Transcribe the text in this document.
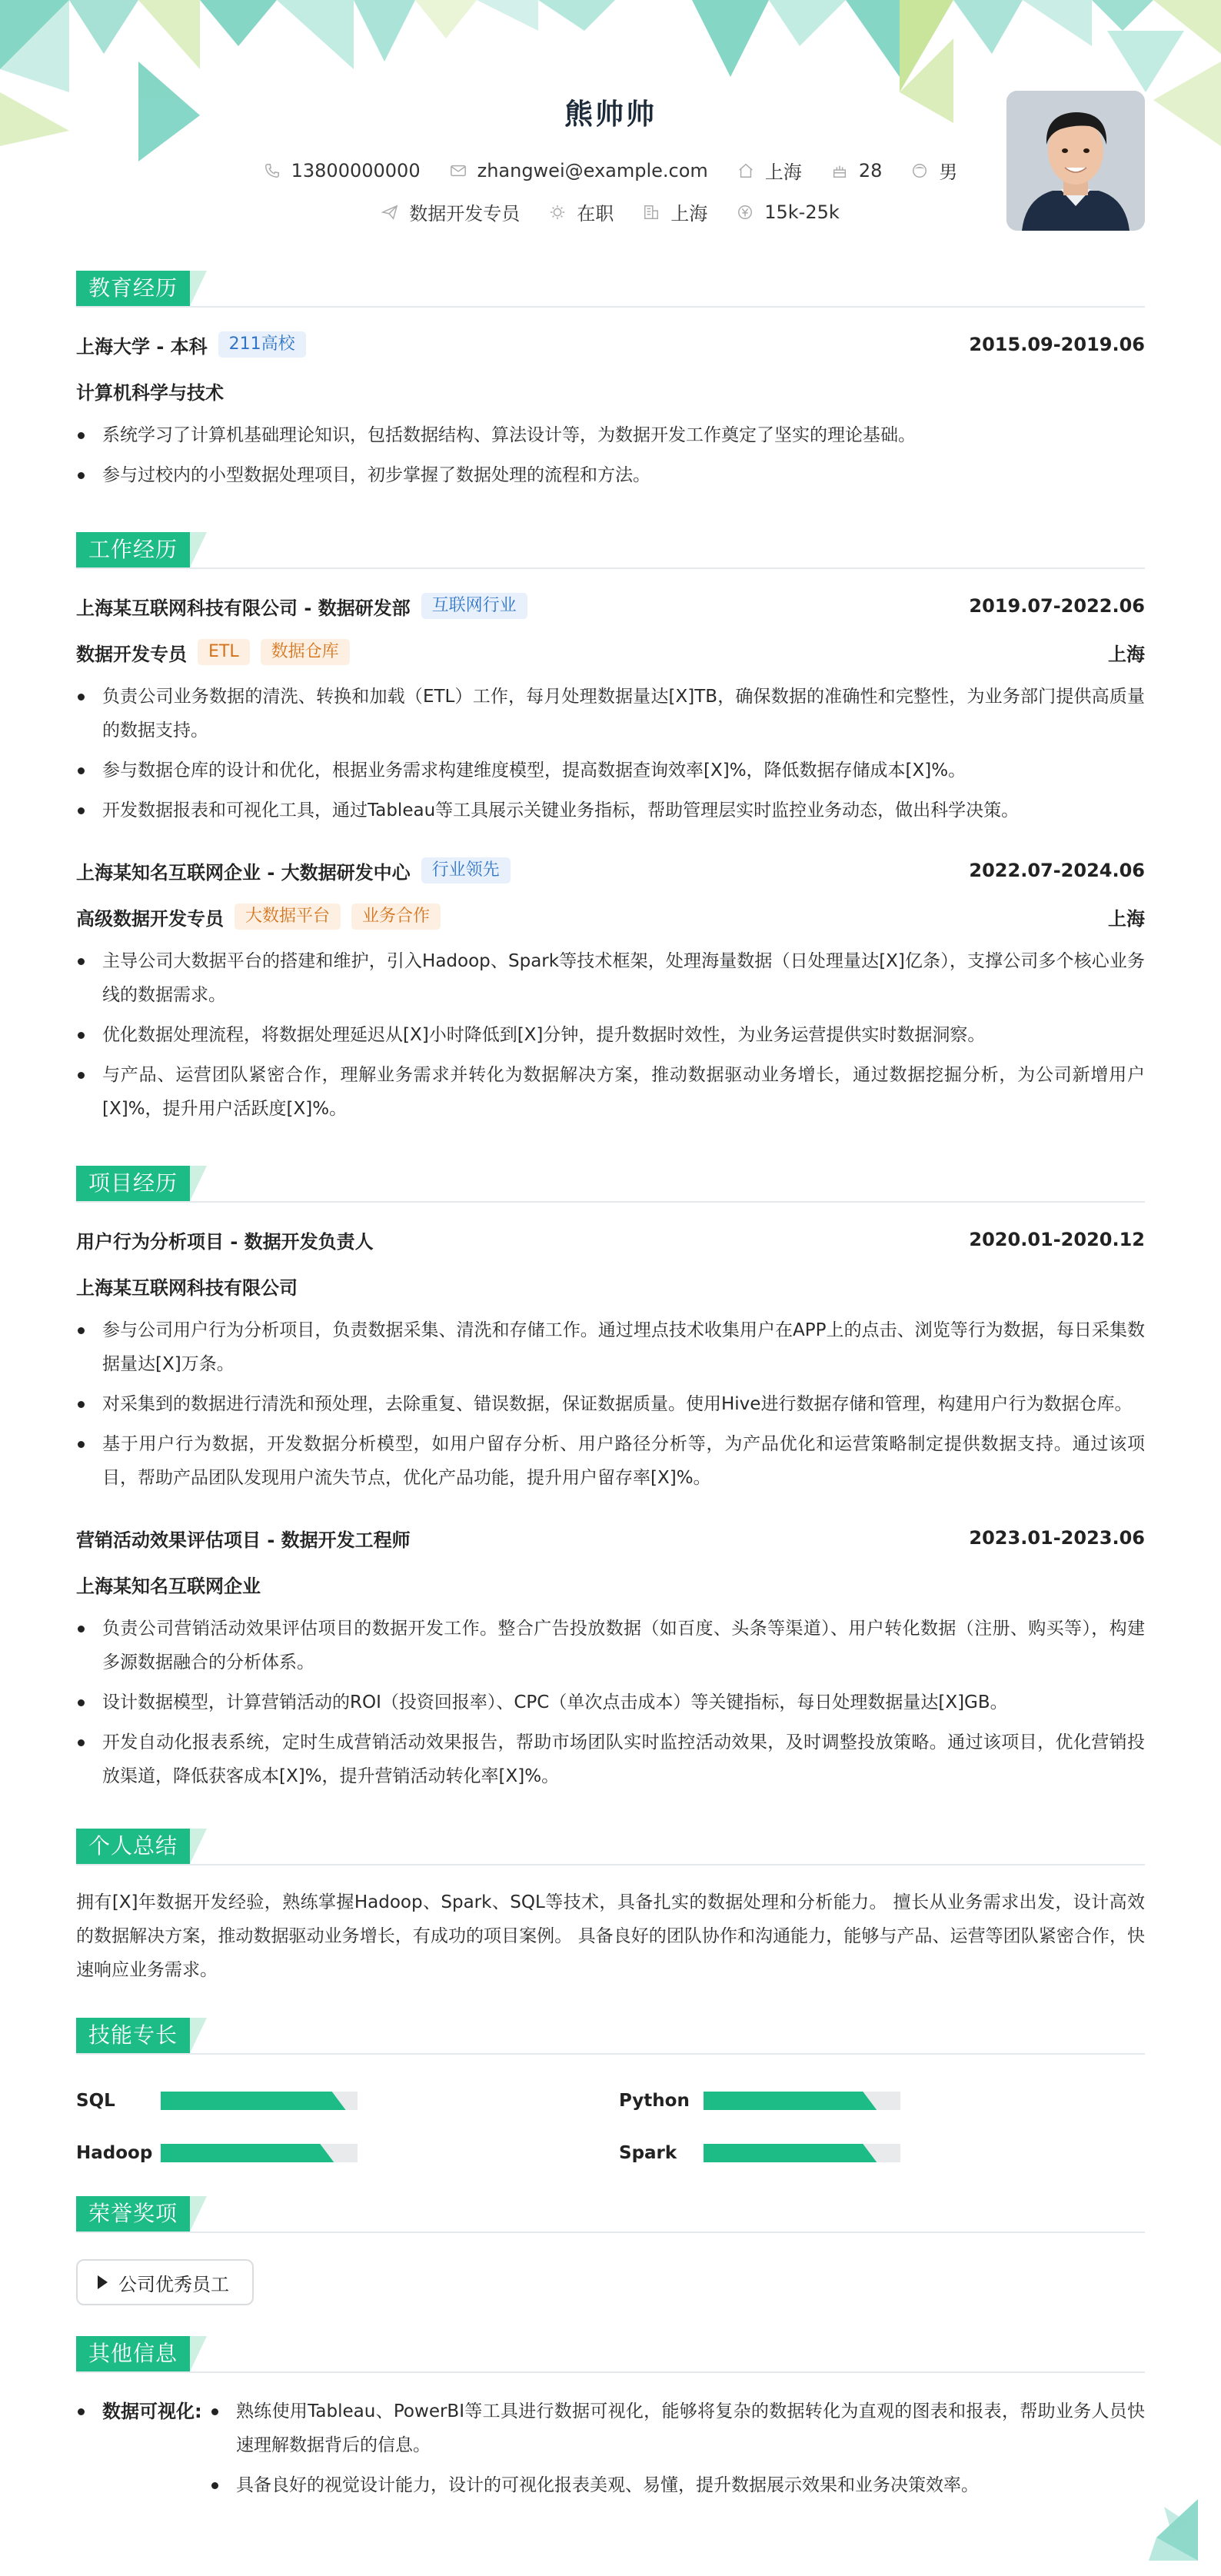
熊帅帅
13800000000	zhangwei@example.com	上海	28	男
数据开发专员	在职	上海	15k-25k
教育经历
上海大学 - 本科	211高校	2015.09-2019.06
计算机科学与技术
系统学习了计算机基础理论知识，包括数据结构、算法设计等，为数据开发工作奠定了坚实的理论基础。
参与过校内的小型数据处理项目，初步掌握了数据处理的流程和方法。
工作经历
上海某互联网科技有限公司 - 数据研发部	互联网行业	2019.07-2022.06
数据开发专员	ETL	数据仓库	上海
负责公司业务数据的清洗、转换和加载（ETL）工作，每月处理数据量达[X]TB，确保数据的准确性和完整性，为业务部门提供高质量的数据支持。
参与数据仓库的设计和优化，根据业务需求构建维度模型，提高数据查询效率[X]%，降低数据存储成本[X]%。
开发数据报表和可视化工具，通过Tableau等工具展示关键业务指标，帮助管理层实时监控业务动态，做出科学决策。
上海某知名互联网企业 - 大数据研发中心	行业领先	2022.07-2024.06
高级数据开发专员	大数据平台	业务合作	上海
主导公司大数据平台的搭建和维护，引入Hadoop、Spark等技术框架，处理海量数据（日处理量达[X]亿条），支撑公司多个核心业务线的数据需求。
优化数据处理流程，将数据处理延迟从[X]小时降低到[X]分钟，提升数据时效性，为业务运营提供实时数据洞察。
与产品、运营团队紧密合作，理解业务需求并转化为数据解决方案，推动数据驱动业务增长，通过数据挖掘分析，为公司新增用户[X]%，提升用户活跃度[X]%。
项目经历
用户行为分析项目 - 数据开发负责人	2020.01-2020.12
上海某互联网科技有限公司
参与公司用户行为分析项目，负责数据采集、清洗和存储工作。通过埋点技术收集用户在APP上的点击、浏览等行为数据，每日采集数据量达[X]万条。
对采集到的数据进行清洗和预处理，去除重复、错误数据，保证数据质量。使用Hive进行数据存储和管理，构建用户行为数据仓库。
基于用户行为数据，开发数据分析模型，如用户留存分析、用户路径分析等，为产品优化和运营策略制定提供数据支持。通过该项目，帮助产品团队发现用户流失节点，优化产品功能，提升用户留存率[X]%。
营销活动效果评估项目 - 数据开发工程师	2023.01-2023.06
上海某知名互联网企业
负责公司营销活动效果评估项目的数据开发工作。整合广告投放数据（如百度、头条等渠道）、用户转化数据（注册、购买等），构建多源数据融合的分析体系。
设计数据模型，计算营销活动的ROI（投资回报率）、CPC（单次点击成本）等关键指标，每日处理数据量达[X]GB。
开发自动化报表系统，定时生成营销活动效果报告，帮助市场团队实时监控活动效果，及时调整投放策略。通过该项目，优化营销投放渠道，降低获客成本[X]%，提升营销活动转化率[X]%。
个人总结

拥有[X]年数据开发经验，熟练掌握Hadoop、Spark、SQL等技术，具备扎实的数据处理和分析能力。 擅长从业务需求出发，设计高效的数据解决方案，推动数据驱动业务增长，有成功的项目案例。 具备良好的团队协作和沟通能力，能够与产品、运营等团队紧密合作，快速响应业务需求。

技能专长
SQL	Python
Hadoop	Spark
荣誉奖项
公司优秀员工
其他信息
数据可视化:	熟练使用Tableau、PowerBI等工具进行数据可视化，能够将复杂的数据转化为直观的图表和报表，帮助业务人员快速理解数据背后的信息。
具备良好的视觉设计能力，设计的可视化报表美观、易懂，提升数据展示效果和业务决策效率。
